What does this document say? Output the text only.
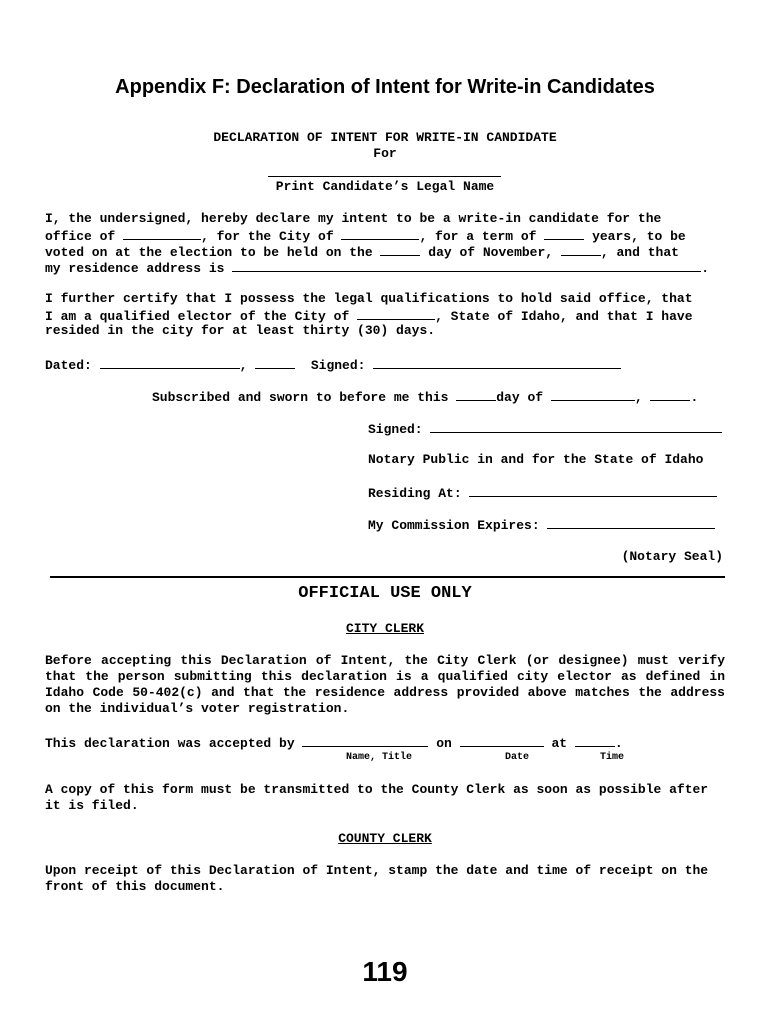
Appendix F: Declaration of Intent for Write-in Candidates
DECLARATION OF INTENT FOR WRITE-IN CANDIDATE
For
Print Candidate’s Legal Name
I, the undersigned, hereby declare my intent to be a write-in candidate for the
office of	, for the City of	, for a term of	years, to be
voted on at the election to be held on the	day of November,	, and that
my residence address is	.
I further certify that I possess the legal qualifications to hold said office, that
I am a qualified elector of the City of	, State of Idaho, and that I have
resided in the city for at least thirty (30) days.
Dated:	,	Signed:
Subscribed and sworn to before me this	day of	,	.
Signed:
Notary Public in and for the State of Idaho
Residing At:
My Commission Expires:
(Notary Seal)
OFFICIAL USE ONLY
CITY CLERK
Before accepting this Declaration of Intent, the City Clerk (or designee) must verify that the person submitting this declaration is a qualified city elector as defined in Idaho Code 50-402(c) and that the residence address provided above matches the address on the individual’s voter registration.
This declaration was accepted by	on	at	.
Name, Title	Date	Time
A copy of this form must be transmitted to the County Clerk as soon as possible after it is filed.
COUNTY CLERK
Upon receipt of this Declaration of Intent, stamp the date and time of receipt on the front of this document.
119
